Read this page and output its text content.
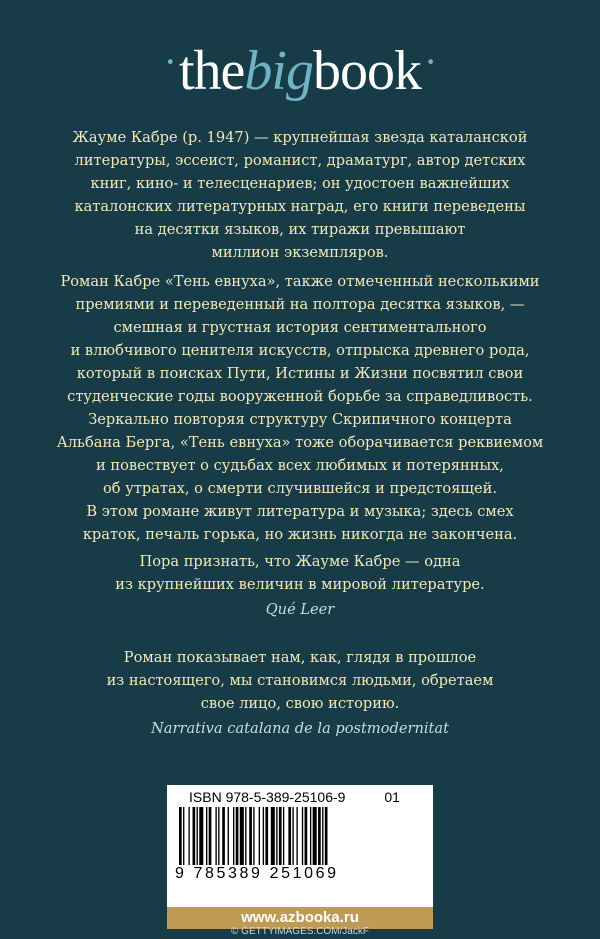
·thebigbook·

Жауме Кабре (р. 1947) — крупнейшая звезда каталанской

литературы, эссеист, романист, драматург, автор детских

книг, кино- и телесценариев; он удостоен важнейших

каталонских литературных наград, его книги переведены

на десятки языков, их тиражи превышают

миллион экземпляров.

Роман Кабре «Тень евнуха», также отмеченный несколькими

премиями и переведенный на полтора десятка языков, —

смешная и грустная история сентиментального

и влюбчивого ценителя искусств, отпрыска древнего рода,

который в поисках Пути, Истины и Жизни посвятил свои

студенческие годы вооруженной борьбе за справедливость.

Зеркально повторяя структуру Скрипичного концерта

Альбана Берга, «Тень евнуха» тоже оборачивается реквиемом

и повествует о судьбах всех любимых и потерянных,

об утратах, о смерти случившейся и предстоящей.

В этом романе живут литература и музыка; здесь смех

краток, печаль горька, но жизнь никогда не закончена.

Пора признать, что Жауме Кабре — одна

из крупнейших величин в мировой литературе.

Qué Leer

Роман показывает нам, как, глядя в прошлое

из настоящего, мы становимся людьми, обретаем

свое лицо, свою историю.

Narrativa catalana de la postmodernitat

ISBN 978-5-389-25106-9	01
9 785389 251069
www.azbooka.ru
© GETTYIMAGES.COM/JackF
